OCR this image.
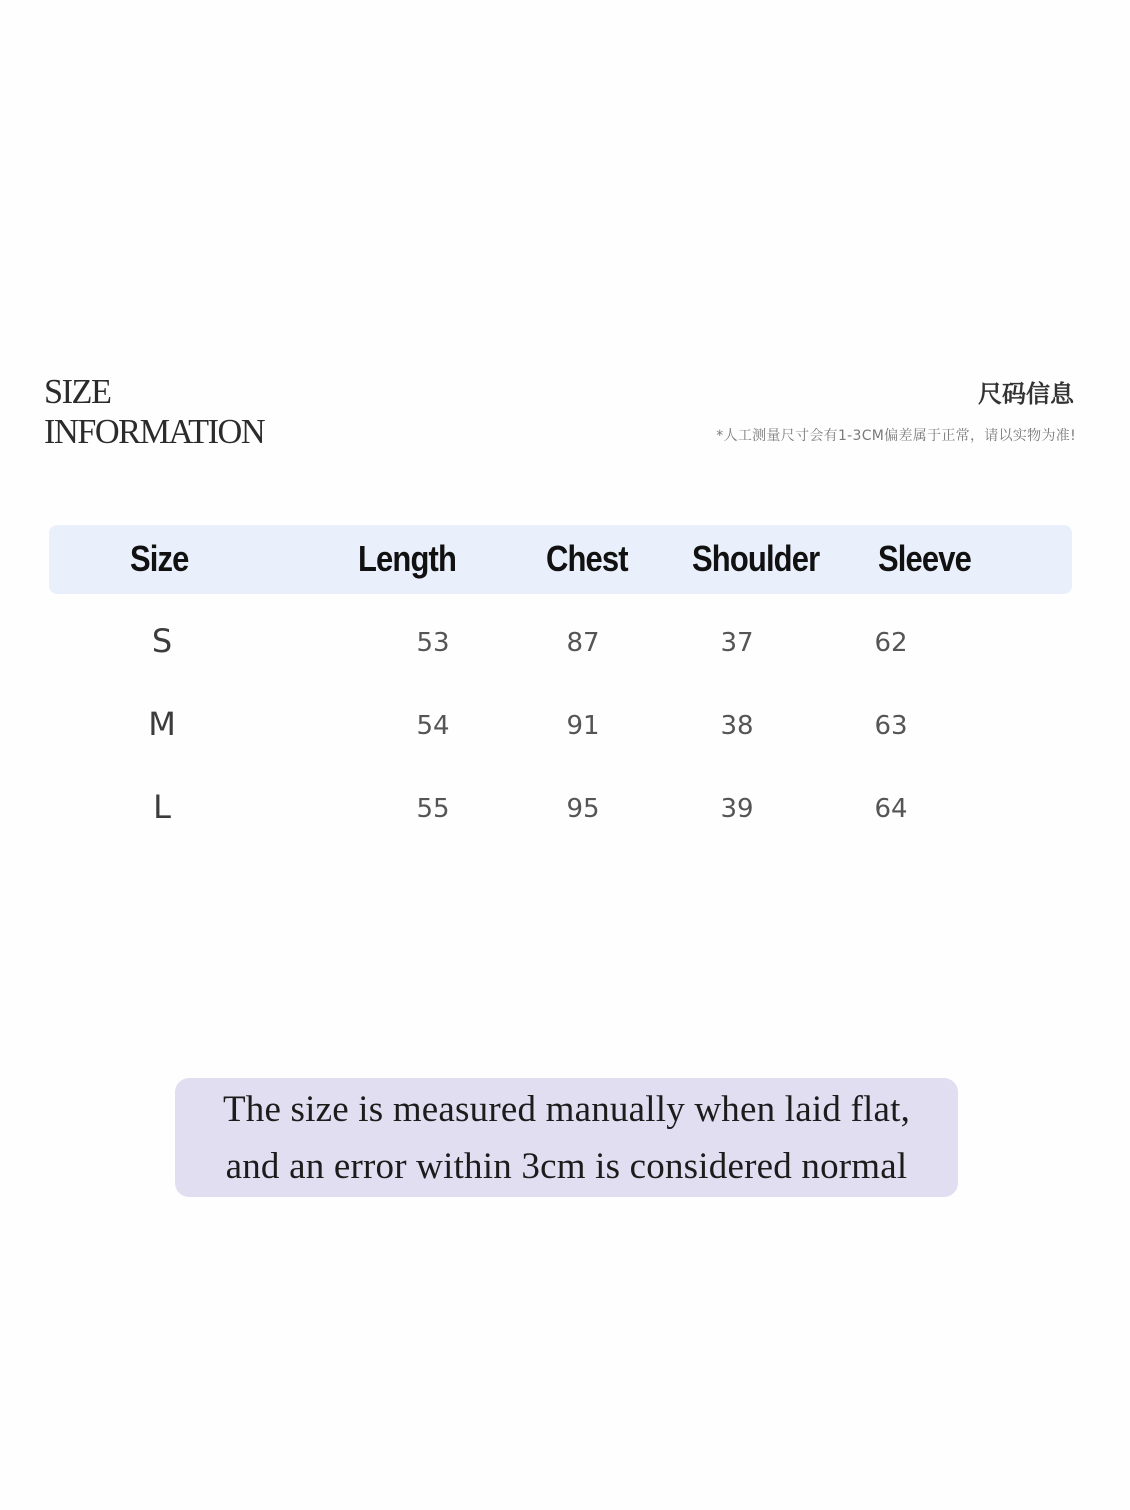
SIZE
INFORMATION
尺码信息
*人工测量尺寸会有1-3CM偏差属于正常，请以实物为准!
Size	Length Chest Shoulder Sleeve
S	53	87	37	62
M	54	91	38	63
L	55	95	39	64
The size is measured manually when laid flat,
and an error within 3cm is considered normal
